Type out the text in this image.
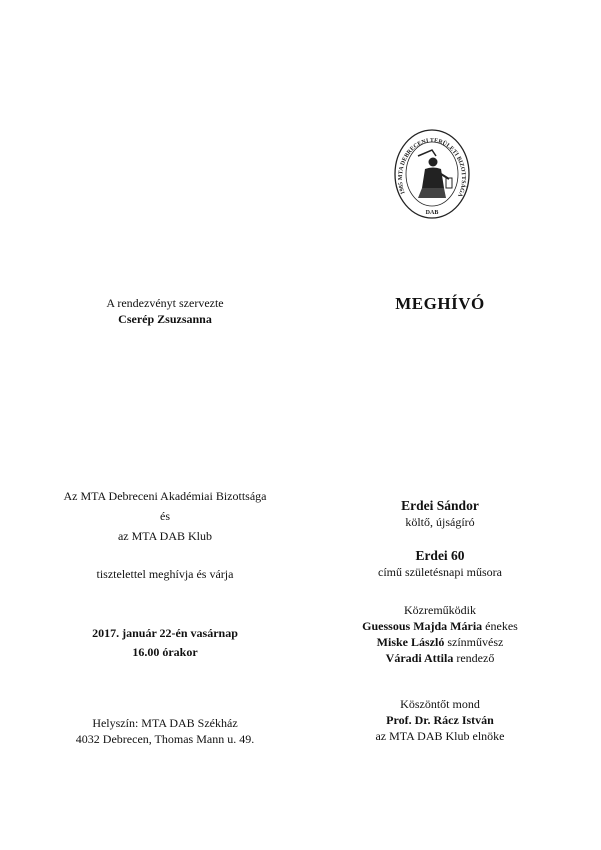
1985 MTA DEBRECENI TERÜLETI BIZOTTSÁGA
DAB
A rendezvényt szervezte
Cserép Zsuzsanna
Az MTA Debreceni Akadémiai Bizottsága
és
az MTA DAB Klub
tisztelettel meghívja és várja
2017. január 22-én vasárnap
16.00 órakor
Helyszín: MTA DAB Székház
4032 Debrecen, Thomas Mann u. 49.
MEGHÍVÓ
Erdei Sándor
költő, újságíró
Erdei 60
című születésnapi műsora
Közreműködik
Guessous Majda Mária énekes
Miske László színművész
Váradi Attila rendező
Köszöntőt mond
Prof. Dr. Rácz István
az MTA DAB Klub elnöke
